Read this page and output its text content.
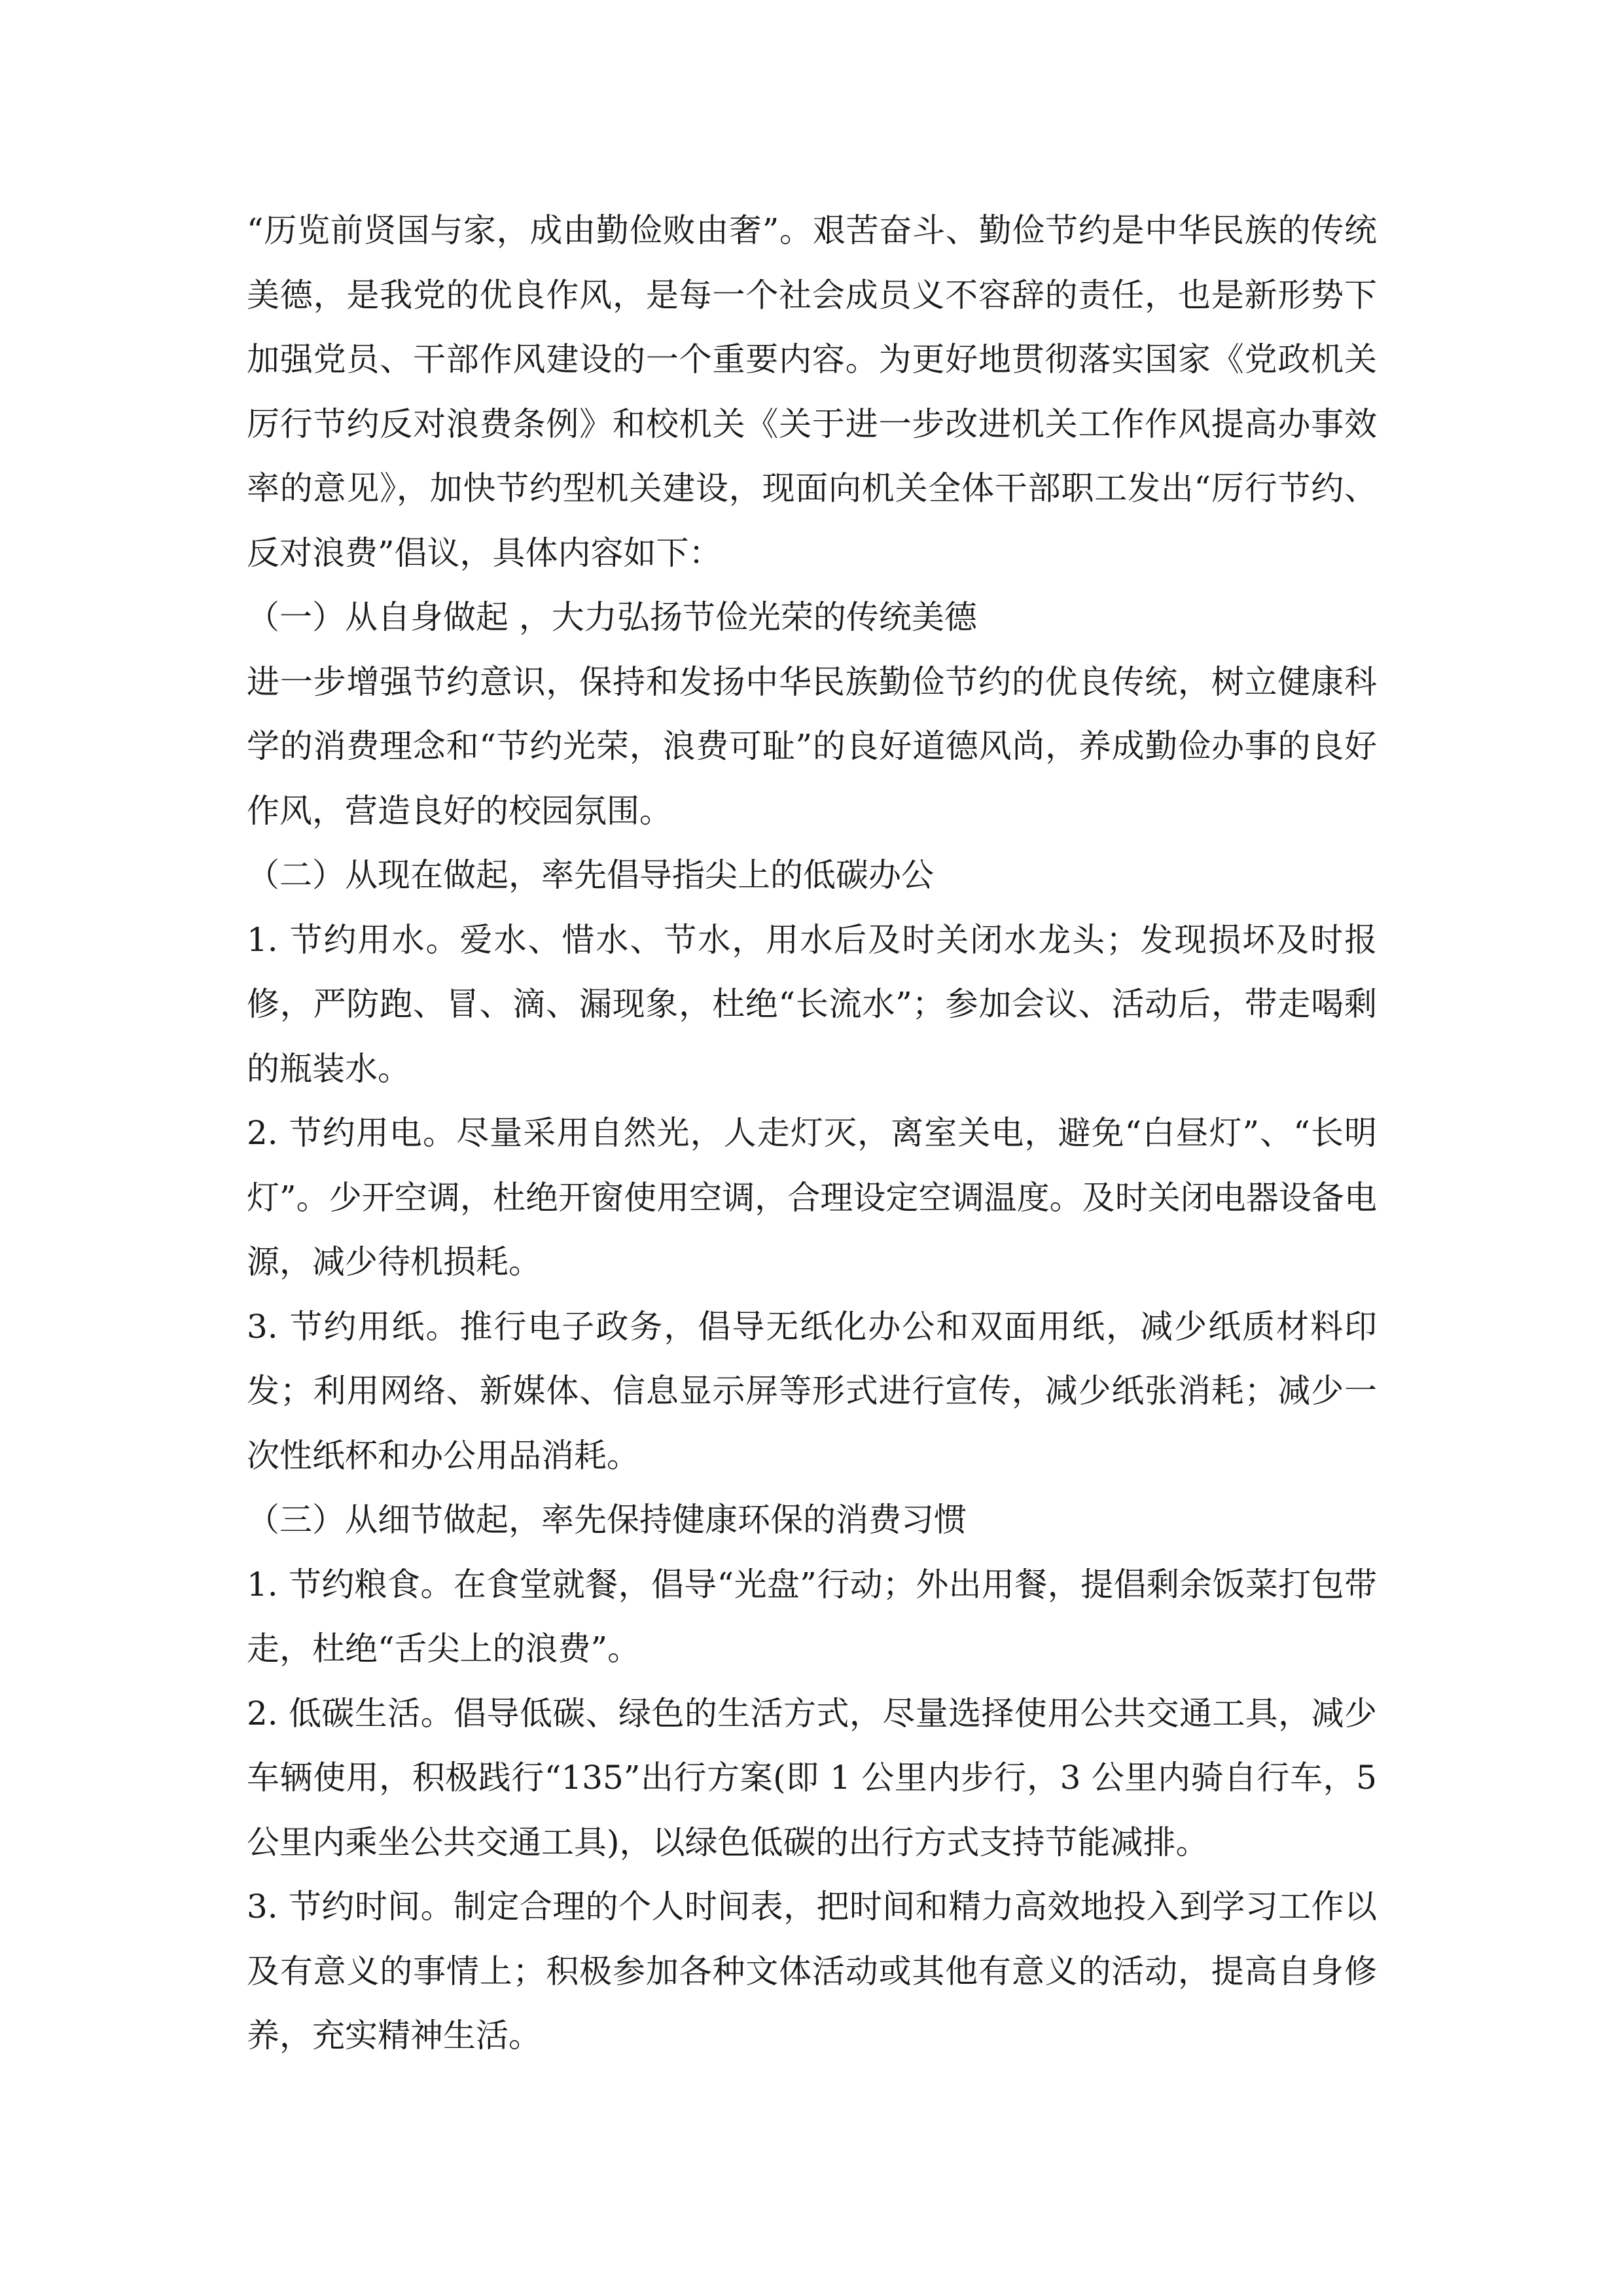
“历览前贤国与家，成由勤俭败由奢”。艰苦奋斗、勤俭节约是中华民族的传统美德，是我党的优良作风，是每一个社会成员义不容辞的责任，也是新形势下加强党员、干部作风建设的一个重要内容。为更好地贯彻落实国家《党政机关厉行节约反对浪费条例》和校机关《关于进一步改进机关工作作风提高办事效率的意见》，加快节约型机关建设，现面向机关全体干部职工发出“厉行节约、反对浪费”倡议，具体内容如下：

（一）从自身做起 ，大力弘扬节俭光荣的传统美德

进一步增强节约意识，保持和发扬中华民族勤俭节约的优良传统，树立健康科学的消费理念和“节约光荣，浪费可耻”的良好道德风尚，养成勤俭办事的良好作风，营造良好的校园氛围。

（二）从现在做起，率先倡导指尖上的低碳办公

1. 节约用水。爱水、惜水、节水，用水后及时关闭水龙头；发现损坏及时报修，严防跑、冒、滴、漏现象，杜绝“长流水”；参加会议、活动后，带走喝剩的瓶装水。

2. 节约用电。尽量采用自然光，人走灯灭，离室关电，避免“白昼灯”、“长明灯”。少开空调，杜绝开窗使用空调，合理设定空调温度。及时关闭电器设备电源，减少待机损耗。

3. 节约用纸。推行电子政务，倡导无纸化办公和双面用纸，减少纸质材料印发；利用网络、新媒体、信息显示屏等形式进行宣传，减少纸张消耗；减少一次性纸杯和办公用品消耗。

（三）从细节做起，率先保持健康环保的消费习惯

1. 节约粮食。在食堂就餐，倡导“光盘”行动；外出用餐，提倡剩余饭菜打包带走，杜绝“舌尖上的浪费”。

2. 低碳生活。倡导低碳、绿色的生活方式，尽量选择使用公共交通工具，减少车辆使用，积极践行“135”出行方案(即 1 公里内步行，3 公里内骑自行车，5 公里内乘坐公共交通工具)，以绿色低碳的出行方式支持节能减排。

3. 节约时间。制定合理的个人时间表，把时间和精力高效地投入到学习工作以及有意义的事情上；积极参加各种文体活动或其他有意义的活动，提高自身修养，充实精神生活。
